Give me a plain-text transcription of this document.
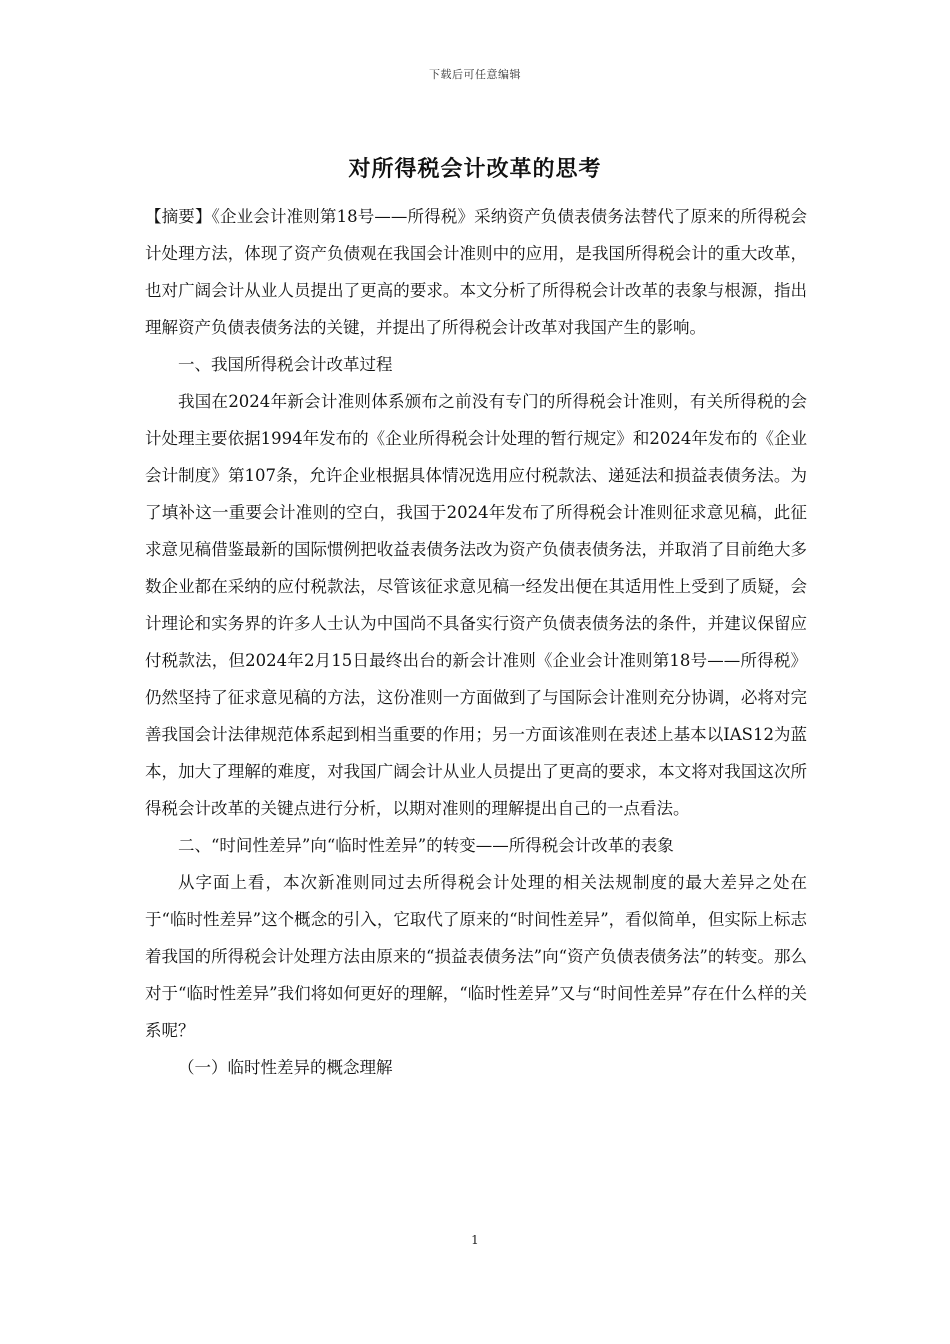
下载后可任意编辑
对所得税会计改革的思考

【摘要】《企业会计准则第18号——所得税》采纳资产负债表债务法替代了原来的所得税会计处理方法，体现了资产负债观在我国会计准则中的应用，是我国所得税会计的重大改革，也对广阔会计从业人员提出了更高的要求。本文分析了所得税会计改革的表象与根源，指出理解资产负债表债务法的关键，并提出了所得税会计改革对我国产生的影响。

一、我国所得税会计改革过程

我国在2024年新会计准则体系颁布之前没有专门的所得税会计准则，有关所得税的会计处理主要依据1994年发布的《企业所得税会计处理的暂行规定》和2024年发布的《企业会计制度》第107条，允许企业根据具体情况选用应付税款法、递延法和损益表债务法。为了填补这一重要会计准则的空白，我国于2024年发布了所得税会计准则征求意见稿，此征求意见稿借鉴最新的国际惯例把收益表债务法改为资产负债表债务法，并取消了目前绝大多数企业都在采纳的应付税款法，尽管该征求意见稿一经发出便在其适用性上受到了质疑，会计理论和实务界的许多人士认为中国尚不具备实行资产负债表债务法的条件，并建议保留应付税款法，但2024年2月15日最终出台的新会计准则《企业会计准则第18号——所得税》仍然坚持了征求意见稿的方法，这份准则一方面做到了与国际会计准则充分协调，必将对完善我国会计法律规范体系起到相当重要的作用；另一方面该准则在表述上基本以IAS12为蓝本，加大了理解的难度，对我国广阔会计从业人员提出了更高的要求，本文将对我国这次所得税会计改革的关键点进行分析，以期对准则的理解提出自己的一点看法。

二、“时间性差异”向“临时性差异”的转变——所得税会计改革的表象

从字面上看，本次新准则同过去所得税会计处理的相关法规制度的最大差异之处在于“临时性差异”这个概念的引入，它取代了原来的“时间性差异”，看似简单，但实际上标志着我国的所得税会计处理方法由原来的“损益表债务法”向“资产负债表债务法”的转变。那么对于“临时性差异”我们将如何更好的理解，“临时性差异”又与“时间性差异”存在什么样的关系呢？

（一）临时性差异的概念理解

1
